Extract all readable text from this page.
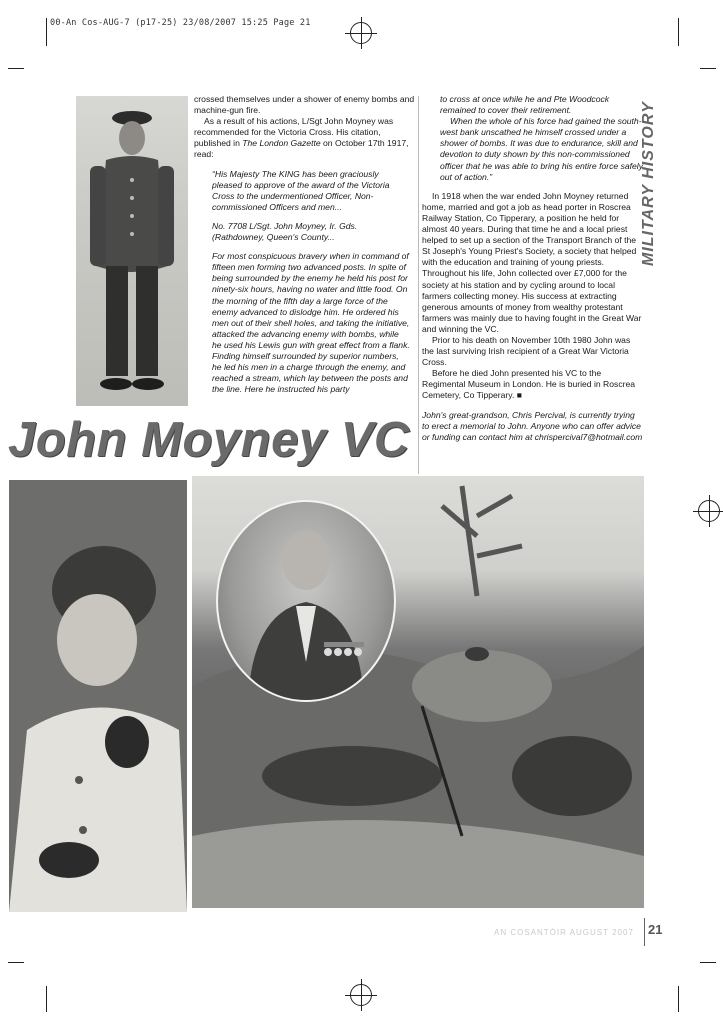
00-An Cos-AUG-7 (p17-25) 23/08/2007 15:25 Page 21

crossed themselves under a shower of enemy bombs and machine-gun fire.

As a result of his actions, L/Sgt John Moyney was recommended for the Victoria Cross. His citation, published in The London Gazette on October 17th 1917, read:

“His Majesty The KING has been graciously pleased to approve of the award of the Victoria Cross to the undermentioned Officer, Non-commissioned Officers and men...

No. 7708 L/Sgt. John Moyney, Ir. Gds. (Rathdowney, Queen's County...

For most conspicuous bravery when in command of fifteen men forming two advanced posts. In spite of being surrounded by the enemy he held his post for ninety-six hours, having no water and little food. On the morning of the fifth day a large force of the enemy advanced to dislodge him. He ordered his men out of their shell holes, and taking the initiative, attacked the advancing enemy with bombs, while he used his Lewis gun with great effect from a flank. Finding himself surrounded by superior numbers, he led his men in a charge through the enemy, and reached a stream, which lay between the posts and the line. Here he instructed his party

to cross at once while he and Pte Woodcock remained to cover their retirement.

When the whole of his force had gained the south-west bank unscathed he himself crossed under a shower of bombs. It was due to endurance, skill and devotion to duty shown by this non-commissioned officer that he was able to bring his entire force safely out of action.”

In 1918 when the war ended John Moyney returned home, married and got a job as head porter in Roscrea Railway Station, Co Tipperary, a position he held for almost 40 years. During that time he and a local priest helped to set up a section of the Transport Branch of the St Joseph's Young Priest's Society, a society that helped with the education and training of young priests. Throughout his life, John collected over £7,000 for the society at his station and by cycling around to local farmers collecting money. His success at extracting generous amounts of money from wealthy protestant farmers was mainly due to having fought in the Great War and winning the VC.

Prior to his death on November 10th 1980 John was the last surviving Irish recipient of a Great War Victoria Cross.

Before he died John presented his VC to the Regimental Museum in London. He is buried in Roscrea Cemetery, Co Tipperary. ■

John's great-grandson, Chris Percival, is currently trying to erect a memorial to John. Anyone who can offer advice or funding can contact him at chrispercival7@hotmail.com

MILITARY HISTORY
John Moyney VC
AN COSANTÓIR AUGUST 2007 21
